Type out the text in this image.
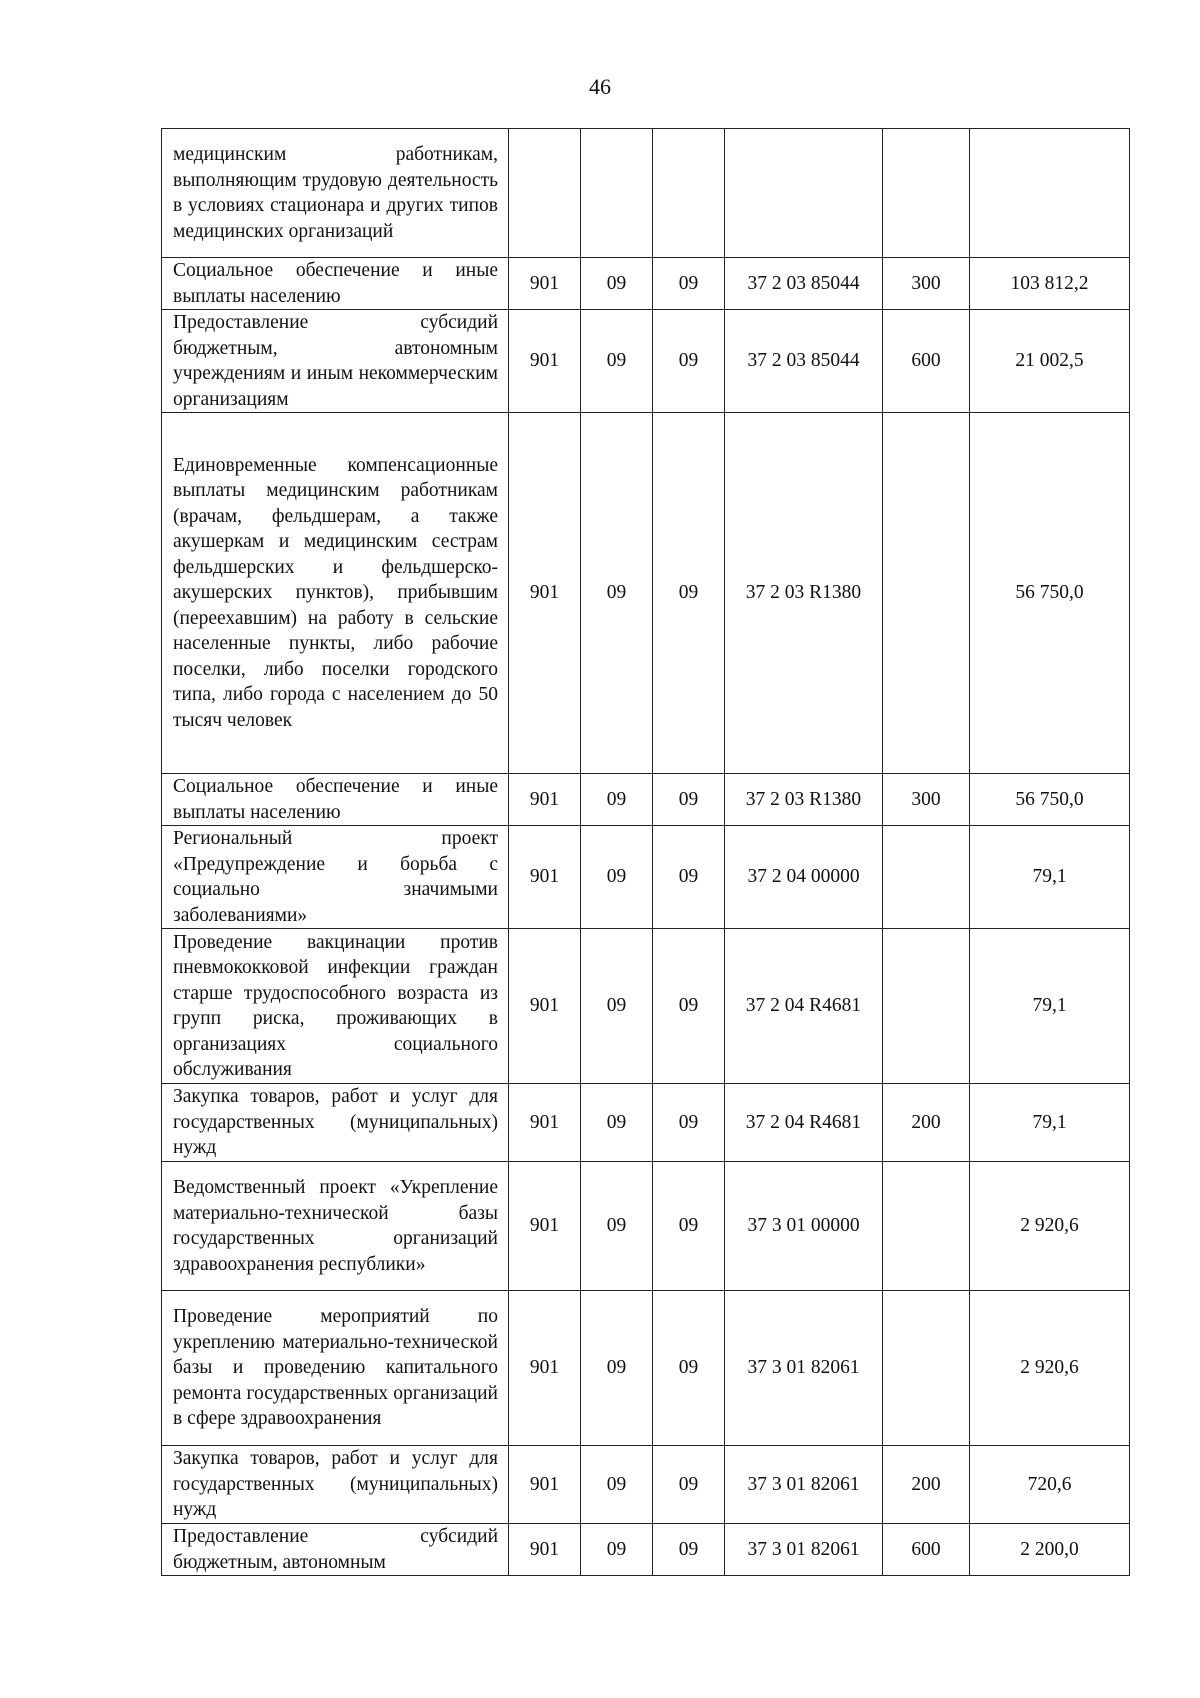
46
медицинским работникам, выполняющим трудовую деятельность в условиях стационара и других типов медицинских организаций						
Социальное обеспечение и иные выплаты населению	901	09	09	37 2 03 85044	300	103 812,2
Предоставление субсидий бюджетным, автономным учреждениям и иным некоммерческим организациям	901	09	09	37 2 03 85044	600	21 002,5
Единовременные компенсационные выплаты медицинским работникам (врачам, фельдшерам, а также акушеркам и медицинским сестрам фельдшерских и фельдшерско-акушерских пунктов), прибывшим (переехавшим) на работу в сельские населенные пункты, либо рабочие поселки, либо поселки городского типа, либо города с населением до 50 тысяч человек	901	09	09	37 2 03 R1380		56 750,0
Социальное обеспечение и иные выплаты населению	901	09	09	37 2 03 R1380	300	56 750,0
Региональный проект «Предупреждение и борьба с социально значимыми заболеваниями»	901	09	09	37 2 04 00000		79,1
Проведение вакцинации против пневмококковой инфекции граждан старше трудоспособного возраста из групп риска, проживающих в организациях социального обслуживания	901	09	09	37 2 04 R4681		79,1
Закупка товаров, работ и услуг для государственных (муниципальных) нужд	901	09	09	37 2 04 R4681	200	79,1
Ведомственный проект «Укрепление материально-технической базы государственных организаций здравоохранения республики»	901	09	09	37 3 01 00000		2 920,6
Проведение мероприятий по укреплению материально-технической базы и проведению капитального ремонта государственных организаций в сфере здравоохранения	901	09	09	37 3 01 82061		2 920,6
Закупка товаров, работ и услуг для государственных (муниципальных) нужд	901	09	09	37 3 01 82061	200	720,6
Предоставление субсидий бюджетным, автономным	901	09	09	37 3 01 82061	600	2 200,0
